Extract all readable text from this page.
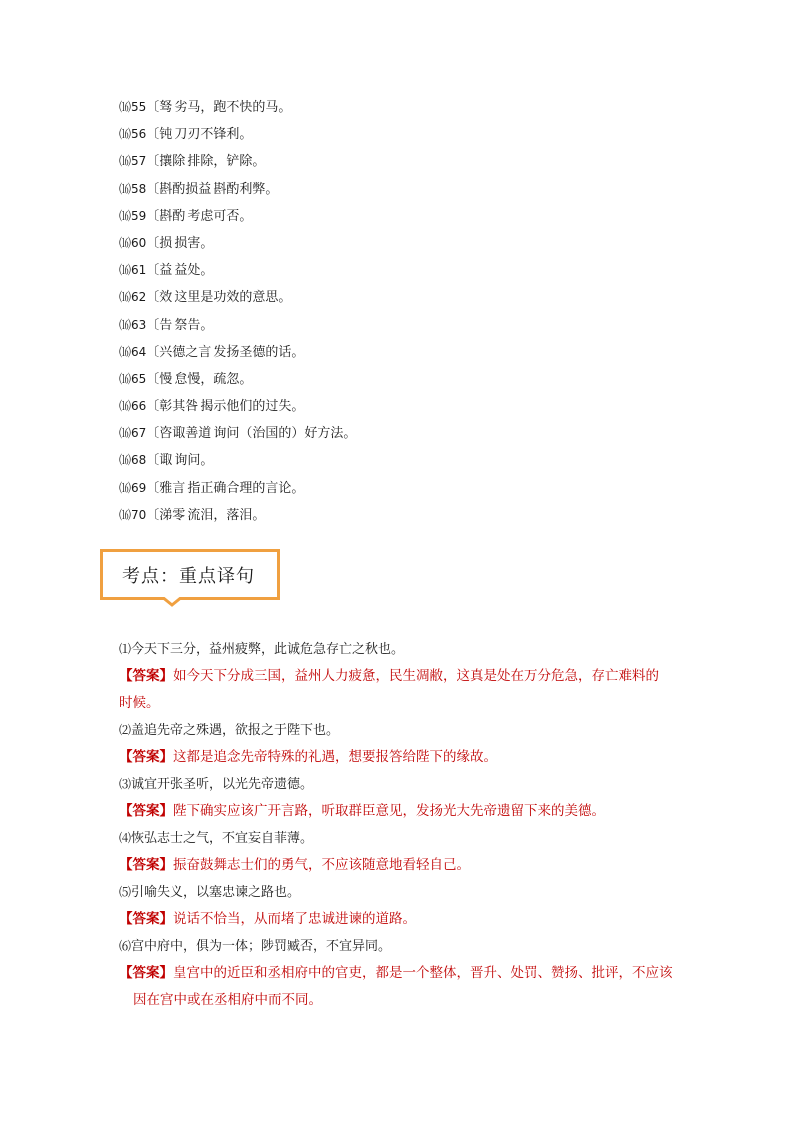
⒃55 〔 驽 劣马，跑不快的马。
⒃56 〔 钝 刀刃不锋利。
⒃57 〔 攘除 排除，铲除。
⒃58 〔 斟酌损益 斟酌利弊。
⒃59 〔 斟酌 考虑可否。
⒃60 〔 损 损害。
⒃61 〔 益 益处。
⒃62 〔 效 这里是功效的意思。
⒃63 〔 告 祭告。
⒃64 〔 兴德之言 发扬圣德的话。
⒃65 〔 慢 怠慢，疏忽。
⒃66 〔 彰其咎 揭示他们的过失。
⒃67 〔 咨诹善道 询问（治国的）好方法。
⒃68 〔 诹 询问。
⒃69 〔 雅言 指正确合理的言论。
⒃70 〔 涕零 流泪，落泪。
考点：重点译句
⑴今天下三分，益州疲弊，此诚危急存亡之秋也。
【答案】如今天下分成三国，益州人力疲惫，民生凋敝，这真是处在万分危急，存亡难料的
时候。
⑵盖追先帝之殊遇，欲报之于陛下也。
【答案】这都是追念先帝特殊的礼遇，想要报答给陛下的缘故。
⑶诚宜开张圣听，以光先帝遗德。
【答案】陛下确实应该广开言路，听取群臣意见，发扬光大先帝遗留下来的美德。
⑷恢弘志士之气，不宜妄自菲薄。
【答案】振奋鼓舞志士们的勇气，不应该随意地看轻自己。
⑸引喻失义，以塞忠谏之路也。
【答案】说话不恰当，从而堵了忠诚进谏的道路。
⑹宫中府中，俱为一体；陟罚臧否，不宜异同。
【答案】皇宫中的近臣和丞相府中的官吏，都是一个整体，晋升、处罚、赞扬、批评，不应该
因在宫中或在丞相府中而不同。
